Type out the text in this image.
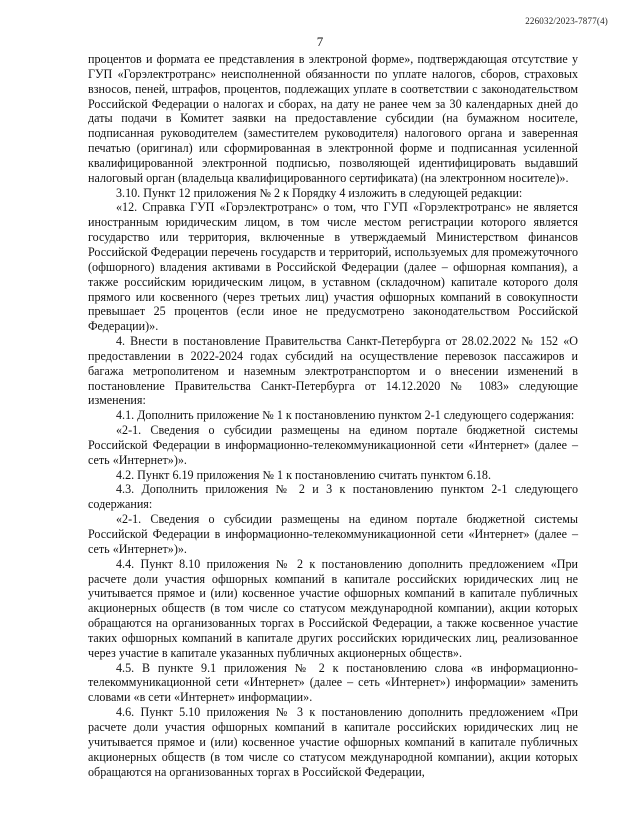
226032/2023-7877(4)
7

процентов и формата ее представления в электроной форме», подтверждающая отсутствие у ГУП «Горэлектротранс» неисполненной обязанности по уплате налогов, сборов, страховых взносов, пеней, штрафов, процентов, подлежащих уплате в соответствии с законодательством Российской Федерации о налогах и сборах, на дату не ранее чем за 30 календарных дней до даты подачи в Комитет заявки на предоставление субсидии (на бумажном носителе, подписанная руководителем (заместителем руководителя) налогового органа и заверенная печатью (оригинал) или сформированная в электронной форме и подписанная усиленной квалифицированной электронной подписью, позволяющей идентифицировать выдавший налоговый орган (владельца квалифицированного сертификата) (на электронном носителе)».

3.10. Пункт 12 приложения № 2 к Порядку 4 изложить в следующей редакции:

«12. Справка ГУП «Горэлектротранс» о том, что ГУП «Горэлектротранс» не является иностранным юридическим лицом, в том числе местом регистрации которого является государство или территория, включенные в утверждаемый Министерством финансов Российской Федерации перечень государств и территорий, используемых для промежуточного (офшорного) владения активами в Российской Федерации (далее – офшорная компания), а также российским юридическим лицом, в уставном (складочном) капитале которого доля прямого или косвенного (через третьих лиц) участия офшорных компаний в совокупности превышает 25 процентов (если иное не предусмотрено законодательством Российской Федерации)».

4. Внести в постановление Правительства Санкт-Петербурга от 28.02.2022 № 152 «О предоставлении в 2022-2024 годах субсидий на осуществление перевозок пассажиров и багажа метрополитеном и наземным электротранспортом и о внесении изменений в постановление Правительства Санкт-Петербурга от 14.12.2020 № 1083» следующие изменения:

4.1. Дополнить приложение № 1 к постановлению пунктом 2-1 следующего содержания:

«2-1. Сведения о субсидии размещены на едином портале бюджетной системы Российской Федерации в информационно-телекоммуникационной сети «Интернет» (далее – сеть «Интернет»)».

4.2. Пункт 6.19 приложения № 1 к постановлению считать пунктом 6.18.

4.3. Дополнить приложения № 2 и 3 к постановлению пунктом 2-1 следующего содержания:

«2-1. Сведения о субсидии размещены на едином портале бюджетной системы Российской Федерации в информационно-телекоммуникационной сети «Интернет» (далее – сеть «Интернет»)».

4.4. Пункт 8.10 приложения № 2 к постановлению дополнить предложением «При расчете доли участия офшорных компаний в капитале российских юридических лиц не учитывается прямое и (или) косвенное участие офшорных компаний в капитале публичных акционерных обществ (в том числе со статусом международной компании), акции которых обращаются на организованных торгах в Российской Федерации, а также косвенное участие таких офшорных компаний в капитале других российских юридических лиц, реализованное через участие в капитале указанных публичных акционерных обществ».

4.5. В пункте 9.1 приложения № 2 к постановлению слова «в информационно-телекоммуникационной сети «Интернет» (далее – сеть «Интернет») информации» заменить словами «в сети «Интернет» информации».

4.6. Пункт 5.10 приложения № 3 к постановлению дополнить предложением «При расчете доли участия офшорных компаний в капитале российских юридических лиц не учитывается прямое и (или) косвенное участие офшорных компаний в капитале публичных акционерных обществ (в том числе со статусом международной компании), акции которых обращаются на организованных торгах в Российской Федерации,
